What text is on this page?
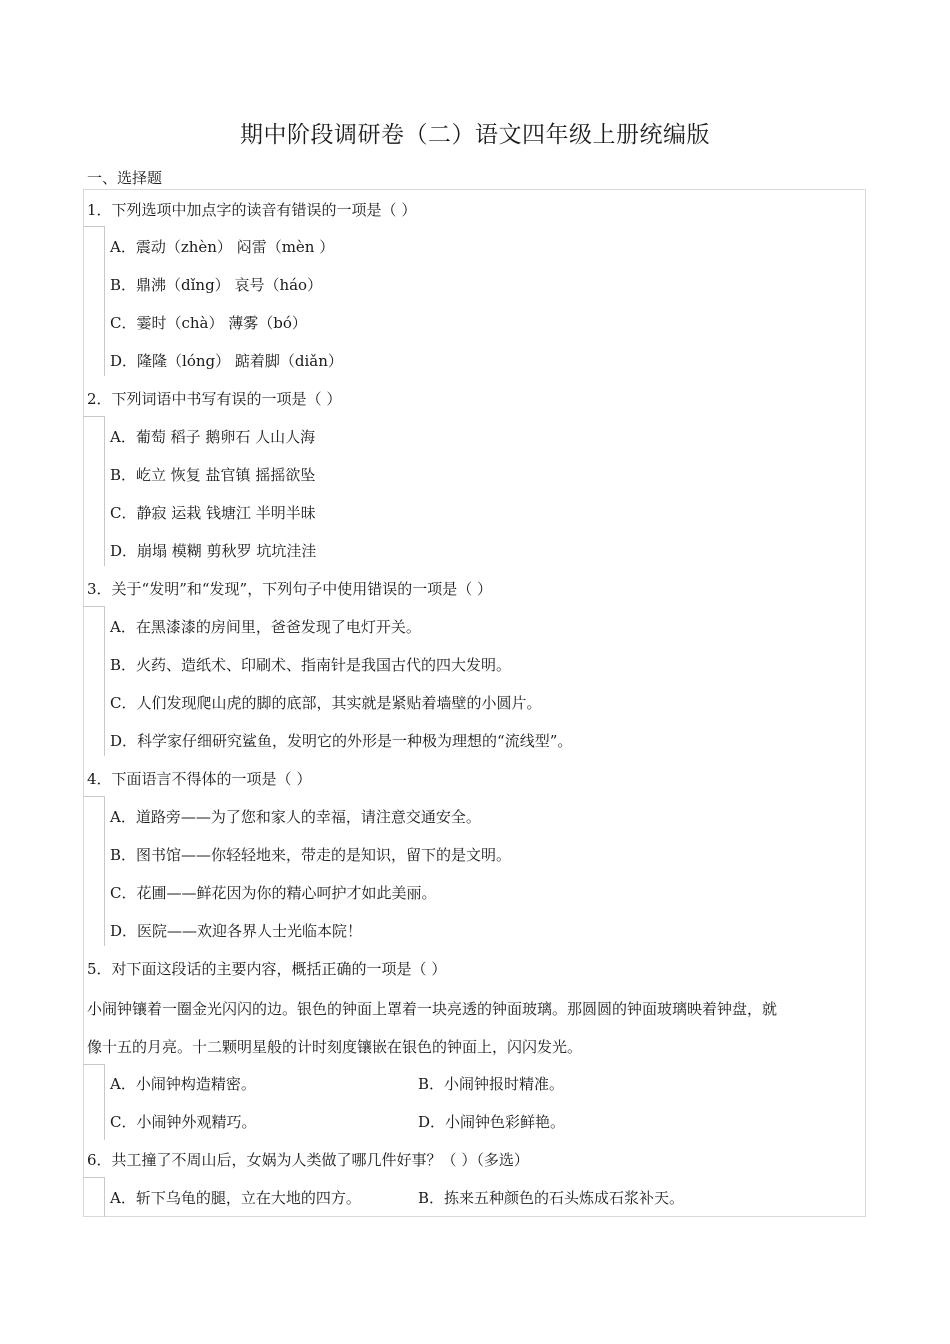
期中阶段调研卷（二）语文四年级上册统编版
一、选择题
1．下列选项中加点字的读音有错误的一项是（ ）
A．震动（zhèn） 闷雷（mèn ）
B．鼎沸（dǐng） 哀号（háo）
C．霎时（chà） 薄雾（bó）
D．隆隆（lóng） 踮着脚（diǎn）
2．下列词语中书写有误的一项是（ ）
A．葡萄 稻子 鹅卵石 人山人海
B．屹立 恢复 盐官镇 摇摇欲坠
C．静寂 运栽 钱塘江 半明半昧
D．崩塌 模糊 剪秋罗 坑坑洼洼
3．关于“发明”和“发现”，下列句子中使用错误的一项是（ ）
A．在黑漆漆的房间里，爸爸发现了电灯开关。
B．火药、造纸术、印刷术、指南针是我国古代的四大发明。
C．人们发现爬山虎的脚的底部，其实就是紧贴着墙壁的小圆片。
D．科学家仔细研究鲨鱼，发明它的外形是一种极为理想的“流线型”。
4．下面语言不得体的一项是（ ）
A．道路旁——为了您和家人的幸福，请注意交通安全。
B．图书馆——你轻轻地来，带走的是知识，留下的是文明。
C．花圃——鲜花因为你的精心呵护才如此美丽。
D．医院——欢迎各界人士光临本院！
5．对下面这段话的主要内容，概括正确的一项是（ ）
小闹钟镶着一圈金光闪闪的边。银色的钟面上罩着一块亮透的钟面玻璃。那圆圆的钟面玻璃映着钟盘，就
像十五的月亮。十二颗明星般的计时刻度镶嵌在银色的钟面上，闪闪发光。
A．小闹钟构造精密。	B．小闹钟报时精准。
C．小闹钟外观精巧。	D．小闹钟色彩鲜艳。
6．共工撞了不周山后，女娲为人类做了哪几件好事？（ ）（多选）
A．斩下乌龟的腿，立在大地的四方。	B．拣来五种颜色的石头炼成石浆补天。
